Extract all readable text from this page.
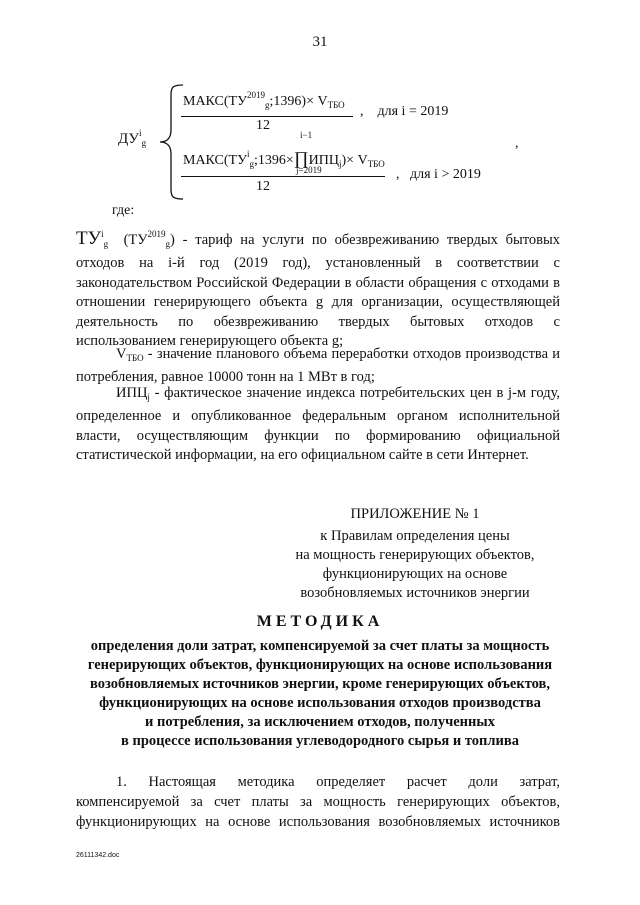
31
$ДУ^i_g$
$МАКС(ТУ^{2019}_g;1396)\times V_{ТБО}$
12
,    для i = 2019
i−1
$МАКС(ТУ^i_g;1396\times\prod ИПЦ_j)\times V_{ТБО}$
j=2019
12
,   для i > 2019
,
где:
$ТУ^i_g$ $(ТУ^{2019}_g)$ - тариф на услуги по обезвреживанию твердых бытовых отходов на i-й год (2019 год), установленный в соответствии с законодательством Российской Федерации в области обращения с отходами в отношении генерирующего объекта g для организации, осуществляющей деятельность по обезвреживанию твердых бытовых отходов с использованием генерирующего объекта g;
$V_{ТБО}$ - значение планового объема переработки отходов производства и потребления, равное 10000 тонн на 1 МВт в год;
$ИПЦ_j$ - фактическое значение индекса потребительских цен в j-м году, определенное и опубликованное федеральным органом исполнительной власти, осуществляющим функции по формированию официальной статистической информации, на его официальном сайте в сети Интернет.
ПРИЛОЖЕНИЕ № 1
к Правилам определения цены
на мощность генерирующих объектов,
функционирующих на основе
возобновляемых источников энергии
МЕТОДИКА
определения доли затрат, компенсируемой за счет платы за мощность
генерирующих объектов, функционирующих на основе использования
возобновляемых источников энергии, кроме генерирующих объектов,
функционирующих на основе использования отходов производства
и потребления, за исключением отходов, полученных
в процессе использования углеводородного сырья и топлива
1. Настоящая методика определяет расчет доли затрат,
компенсируемой за счет платы за мощность генерирующих объектов,
функционирующих на основе использования возобновляемых источников
26111342.doc
